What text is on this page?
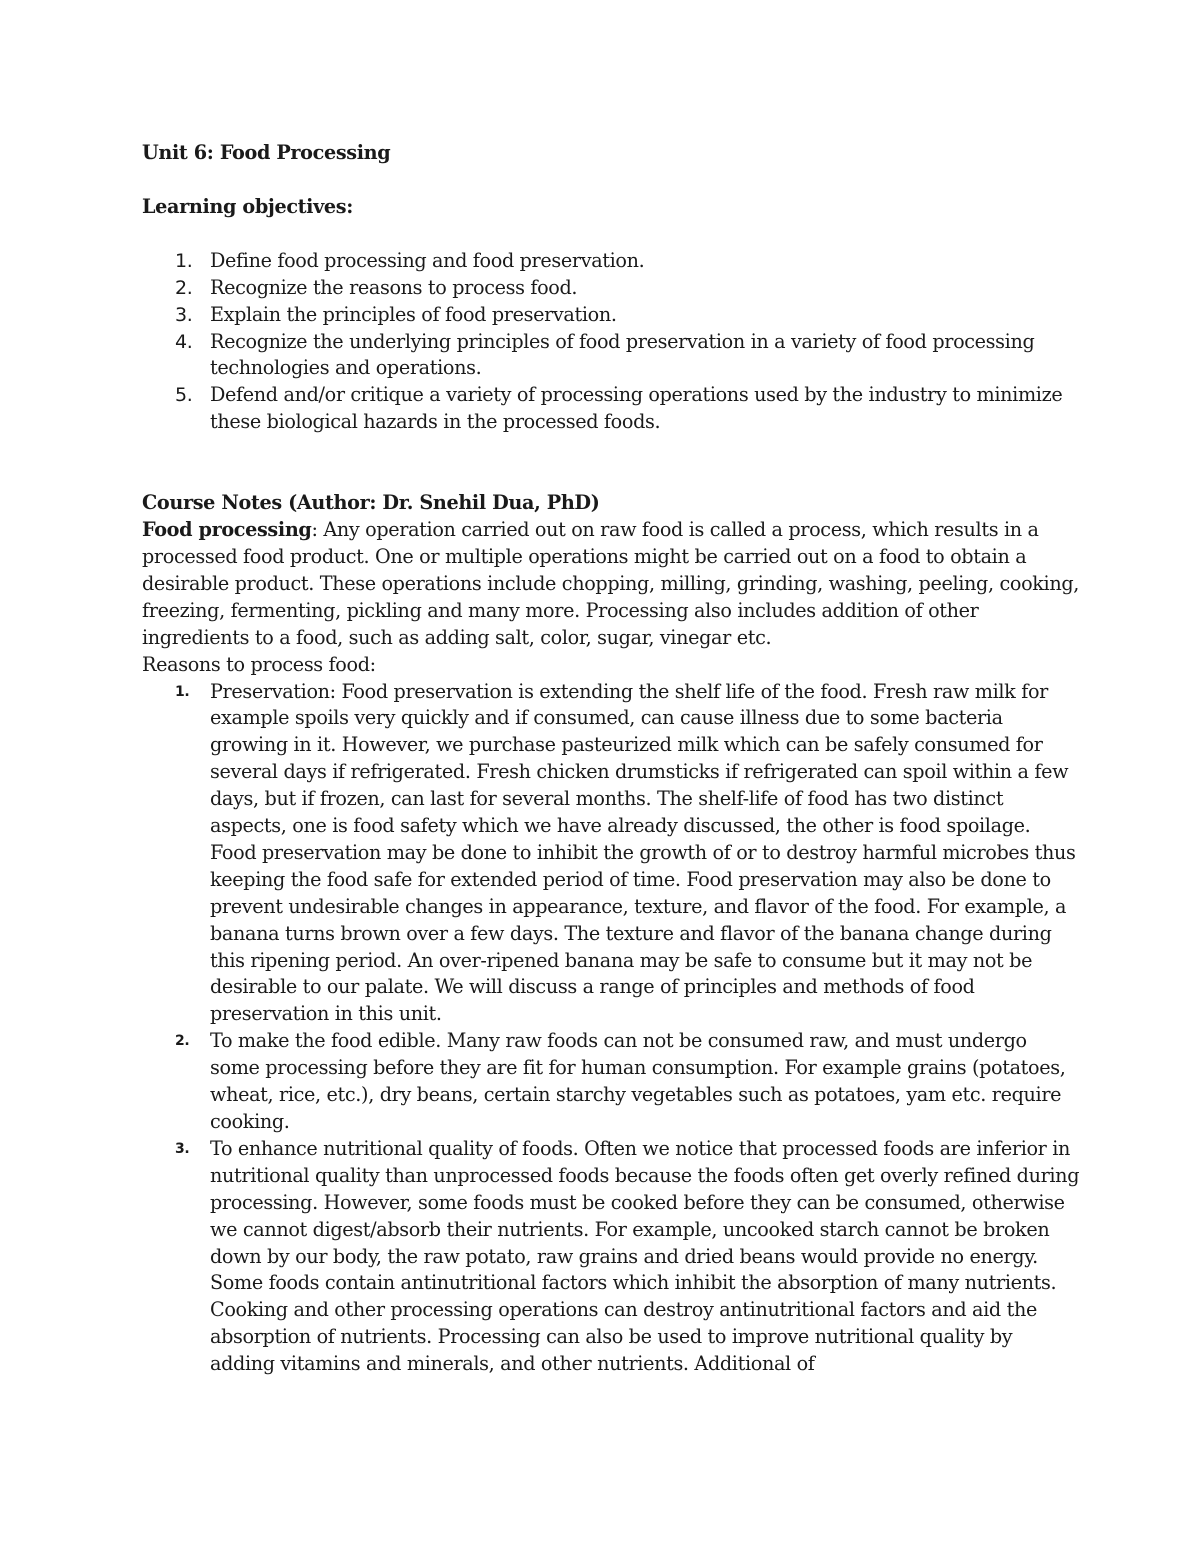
Unit 6: Food Processing

Learning objectives:

1. Define food processing and food preservation.
2. Recognize the reasons to process food.
3. Explain the principles of food preservation.
4. Recognize the underlying principles of food preservation in a variety of food processing technologies and operations.
5. Defend and/or critique a variety of processing operations used by the industry to minimize these biological hazards in the processed foods.

Course Notes (Author: Dr. Snehil Dua, PhD)

Food processing: Any operation carried out on raw food is called a process, which results in a processed food product. One or multiple operations might be carried out on a food to obtain a desirable product. These operations include chopping, milling, grinding, washing, peeling, cooking, freezing, fermenting, pickling and many more. Processing also includes addition of other ingredients to a food, such as adding salt, color, sugar, vinegar etc.

Reasons to process food:

1. Preservation: Food preservation is extending the shelf life of the food. Fresh raw milk for example spoils very quickly and if consumed, can cause illness due to some bacteria growing in it. However, we purchase pasteurized milk which can be safely consumed for several days if refrigerated. Fresh chicken drumsticks if refrigerated can spoil within a few days, but if frozen, can last for several months. The shelf-life of food has two distinct aspects, one is food safety which we have already discussed, the other is food spoilage. Food preservation may be done to inhibit the growth of or to destroy harmful microbes thus keeping the food safe for extended period of time. Food preservation may also be done to prevent undesirable changes in appearance, texture, and flavor of the food. For example, a banana turns brown over a few days. The texture and flavor of the banana change during this ripening period. An over-ripened banana may be safe to consume but it may not be desirable to our palate. We will discuss a range of principles and methods of food preservation in this unit.
2. To make the food edible. Many raw foods can not be consumed raw, and must undergo some processing before they are fit for human consumption. For example grains (potatoes, wheat, rice, etc.), dry beans, certain starchy vegetables such as potatoes, yam etc. require cooking.
3. To enhance nutritional quality of foods. Often we notice that processed foods are inferior in nutritional quality than unprocessed foods because the foods often get overly refined during processing. However, some foods must be cooked before they can be consumed, otherwise we cannot digest/absorb their nutrients. For example, uncooked starch cannot be broken down by our body, the raw potato, raw grains and dried beans would provide no energy. Some foods contain antinutritional factors which inhibit the absorption of many nutrients. Cooking and other processing operations can destroy antinutritional factors and aid the absorption of nutrients. Processing can also be used to improve nutritional quality by adding vitamins and minerals, and other nutrients. Additional of
